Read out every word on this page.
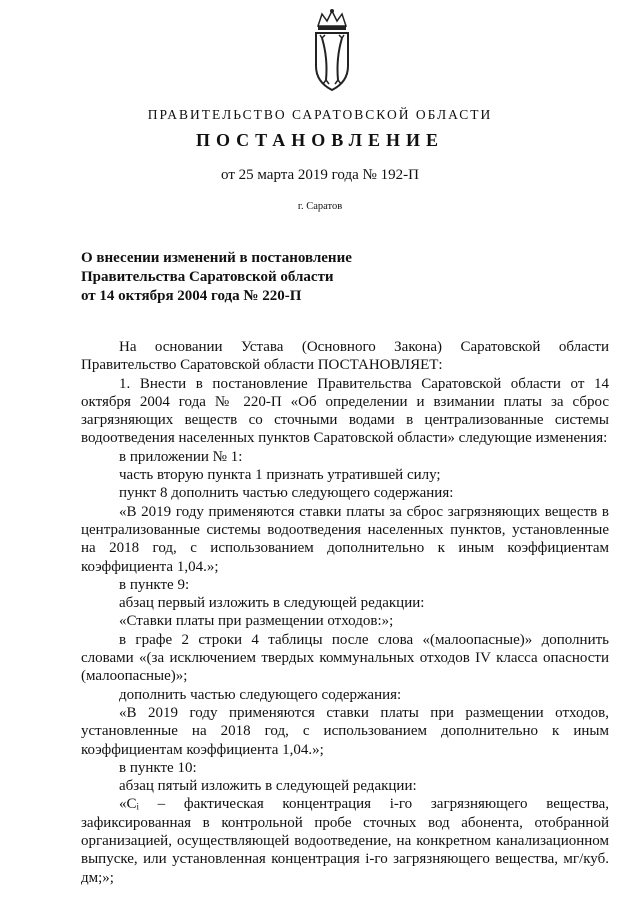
ПРАВИТЕЛЬСТВО САРАТОВСКОЙ ОБЛАСТИ
ПОСТАНОВЛЕНИЕ
от 25 марта 2019 года № 192-П
г. Саратов
О внесении изменений в постановление
Правительства Саратовской области
от 14 октября 2004 года № 220-П

На основании Устава (Основного Закона) Саратовской области Правительство Саратовской области ПОСТАНОВЛЯЕТ:

1. Внести в постановление Правительства Саратовской области от 14 октября 2004 года № 220-П «Об определении и взимании платы за сброс загрязняющих веществ со сточными водами в централизованные системы водоотведения населенных пунктов Саратовской области» следующие изменения:

в приложении № 1:

часть вторую пункта 1 признать утратившей силу;

пункт 8 дополнить частью следующего содержания:

«В 2019 году применяются ставки платы за сброс загрязняющих веществ в централизованные системы водоотведения населенных пунктов, установленные на 2018 год, с использованием дополнительно к иным коэффициентам коэффициента 1,04.»;

в пункте 9:

абзац первый изложить в следующей редакции:

«Ставки платы при размещении отходов:»;

в графе 2 строки 4 таблицы после слова «(малоопасные)» дополнить словами «(за исключением твердых коммунальных отходов IV класса опасности (малоопасные)»;

дополнить частью следующего содержания:

«В 2019 году применяются ставки платы при размещении отходов, установленные на 2018 год, с использованием дополнительно к иным коэффициентам коэффициента 1,04.»;

в пункте 10:

абзац пятый изложить в следующей редакции:

«Cᵢ – фактическая концентрация i-го загрязняющего вещества, зафиксированная в контрольной пробе сточных вод абонента, отобранной организацией, осуществляющей водоотведение, на конкретном канализационном выпуске, или установленная концентрация i-го загрязняющего вещества, мг/куб. дм;»;
